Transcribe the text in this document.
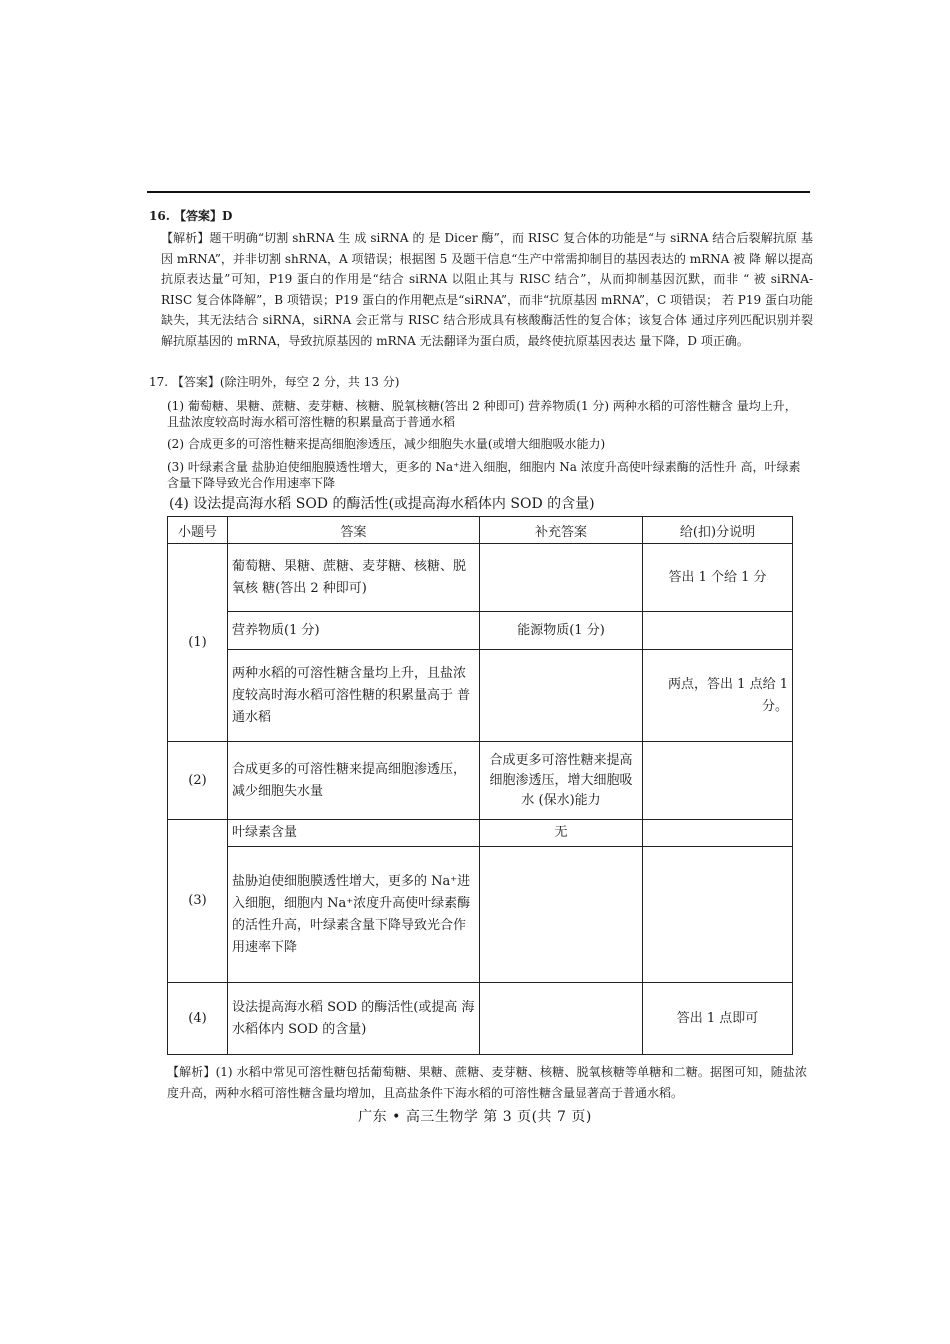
16. 【答案】D
【解析】题干明确“切割 shRNA 生 成 siRNA 的 是 Dicer 酶”，而 RISC 复合体的功能是“与 siRNA 结合后裂解抗原 基 因 mRNA”，并非切割 shRNA，A 项错误；根据图 5 及题干信息“生产中常需抑制目的基因表达的 mRNA 被 降 解以提高抗原表达量”可知，P19 蛋白的作用是“结合 siRNA 以阻止其与 RISC 结合”，从而抑制基因沉默，而非 “ 被 siRNA-RISC 复合体降解”，B 项错误；P19 蛋白的作用靶点是“siRNA”，而非“抗原基因 mRNA”，C 项错误； 若 P19 蛋白功能缺失，其无法结合 siRNA，siRNA 会正常与 RISC 结合形成具有核酸酶活性的复合体；该复合体 通过序列匹配识别并裂解抗原基因的 mRNA，导致抗原基因的 mRNA 无法翻译为蛋白质，最终使抗原基因表达 量下降，D 项正确。
17. 【答案】(除注明外，每空 2 分，共 13 分)
(1) 葡萄糖、果糖、蔗糖、麦芽糖、核糖、脱氧核糖(答出 2 种即可) 营养物质(1 分) 两种水稻的可溶性糖含 量均上升，且盐浓度较高时海水稻可溶性糖的积累量高于普通水稻
(2) 合成更多的可溶性糖来提高细胞渗透压，减少细胞失水量(或增大细胞吸水能力)
(3) 叶绿素含量 盐胁迫使细胞膜透性增大，更多的 Na⁺进入细胞，细胞内 Na 浓度升高使叶绿素酶的活性升 高，叶绿素含量下降导致光合作用速率下降
(4) 设法提高海水稻 SOD 的酶活性(或提高海水稻体内 SOD 的含量)
小题号	答案	补充答案	给(扣)分说明
(1)	葡萄糖、果糖、蔗糖、麦芽糖、核糖、脱氧核 糖(答出 2 种即可)		答出 1 个给 1 分
	营养物质(1 分)	能源物质(1 分)	
	两种水稻的可溶性糖含量均上升，且盐浓 度较高时海水稻可溶性糖的积累量高于 普通水稻		两点，答出 1 点给 1 分。
(2)	合成更多的可溶性糖来提高细胞渗透压， 减少细胞失水量	合成更多可溶性糖来提高细胞渗透压，增大细胞吸水 (保水)能力	
(3)	叶绿素含量	无	
	盐胁迫使细胞膜透性增大，更多的 Na⁺进 入细胞，细胞内 Na⁺浓度升高使叶绿素酶 的活性升高，叶绿素含量下降导致光合作 用速率下降		
(4)	设法提高海水稻 SOD 的酶活性(或提高 海水稻体内 SOD 的含量)		答出 1 点即可
【解析】(1) 水稻中常见可溶性糖包括葡萄糖、果糖、蔗糖、麦芽糖、核糖、脱氧核糖等单糖和二糖。据图可知，随盐浓度升高，两种水稻可溶性糖含量均增加，且高盐条件下海水稻的可溶性糖含量显著高于普通水稻。
广东 • 高三生物学 第 3 页(共 7 页)
